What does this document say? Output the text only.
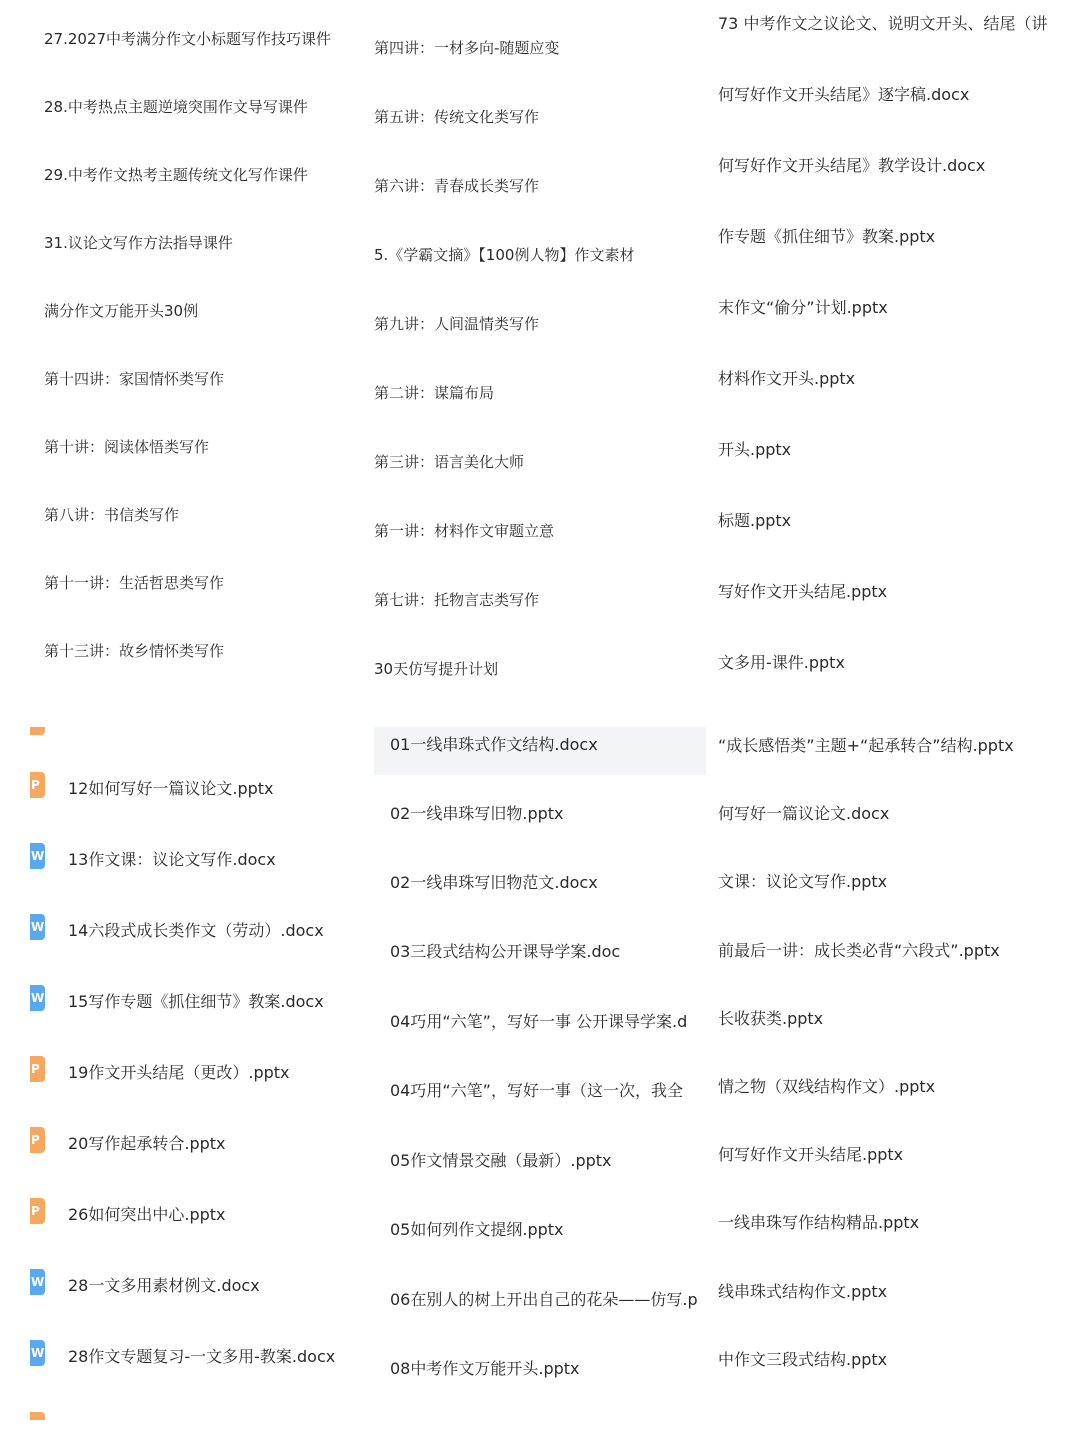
27.2027中考满分作文小标题写作技巧课件
28.中考热点主题逆境突围作文导写课件
29.中考作文热考主题传统文化写作课件
31.议论文写作方法指导课件
满分作文万能开头30例
第十四讲：家国情怀类写作
第十讲：阅读体悟类写作
第八讲：书信类写作
第十一讲：生活哲思类写作
第十三讲：故乡情怀类写作
第四讲：一材多向-随题应变
第五讲：传统文化类写作
第六讲：青春成长类写作
5.《学霸文摘》【100例人物】作文素材
第九讲：人间温情类写作
第二讲：谋篇布局
第三讲：语言美化大师
第一讲：材料作文审题立意
第七讲：托物言志类写作
30天仿写提升计划
73 中考作文之议论文、说明文开头、结尾（讲
何写好作文开头结尾》逐字稿.docx
何写好作文开头结尾》教学设计.docx
作专题《抓住细节》教案.pptx
末作文“偷分”计划.pptx
材料作文开头.pptx
开头.pptx
标题.pptx
写好作文开头结尾.pptx
文多用-课件.pptx
P 12如何写好一篇议论文.pptx
W 13作文课：议论文写作.docx
W 14六段式成长类作文（劳动）.docx
W 15写作专题《抓住细节》教案.docx
P 19作文开头结尾（更改）.pptx
P 20写作起承转合.pptx
P 26如何突出中心.pptx
W 28一文多用素材例文.docx
W 28作文专题复习-一文多用-教案.docx
01一线串珠式作文结构.docx
02一线串珠写旧物.pptx
02一线串珠写旧物范文.docx
03三段式结构公开课导学案.doc
04巧用“六笔”，写好一事 公开课导学案.d
04巧用“六笔”，写好一事（这一次，我全
05作文情景交融（最新）.pptx
05如何列作文提纲.pptx
06在别人的树上开出自己的花朵——仿写.p
08中考作文万能开头.pptx
“成长感悟类”主题+“起承转合”结构.pptx
何写好一篇议论文.docx
文课：议论文写作.pptx
前最后一讲：成长类必背“六段式”.pptx
长收获类.pptx
情之物（双线结构作文）.pptx
何写好作文开头结尾.pptx
一线串珠写作结构精品.pptx
线串珠式结构作文.pptx
中作文三段式结构.pptx
